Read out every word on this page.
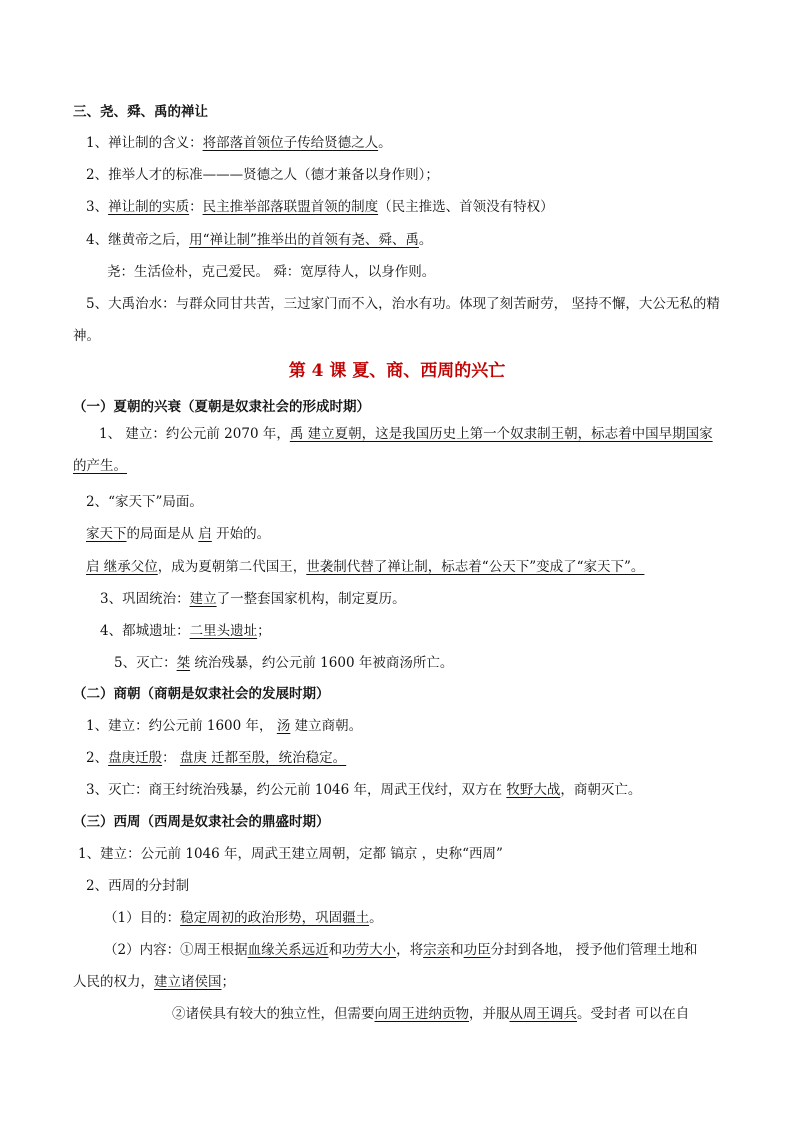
三、尧、舜、禹的禅让
1、禅让制的含义：将部落首领位子传给贤德之人。
2、推举人才的标准———贤德之人（德才兼备以身作则）；
3、禅让制的实质：民主推举部落联盟首领的制度（民主推选、首领没有特权）
4、继黄帝之后，用“禅让制”推举出的首领有尧、舜、禹。
尧：生活俭朴，克己爱民。 舜：宽厚待人，以身作则。
5、大禹治水：与群众同甘共苦，三过家门而不入，治水有功。体现了刻苦耐劳， 坚持不懈，大公无私的精神。
第 4 课 夏、商、西周的兴亡
（一）夏朝的兴衰（夏朝是奴隶社会的形成时期）
1、 建立：约公元前 2070 年，禹 建立夏朝，这是我国历史上第一个奴隶制王朝，标志着中国早期国家的产生。
2、“家天下”局面。
家天下的局面是从 启 开始的。
启 继承父位，成为夏朝第二代国王，世袭制代替了禅让制，标志着“公天下”变成了“家天下”。
3、巩固统治：建立了一整套国家机构，制定夏历。
4、都城遗址：二里头遗址；
5、灭亡：桀 统治残暴，约公元前 1600 年被商汤所亡。
（二）商朝（商朝是奴隶社会的发展时期）
1、建立：约公元前 1600 年， 汤 建立商朝。
2、盘庚迁殷： 盘庚 迁都至殷，统治稳定。
3、灭亡：商王纣统治残暴，约公元前 1046 年，周武王伐纣，双方在 牧野大战，商朝灭亡。
（三）西周（西周是奴隶社会的鼎盛时期）
1、建立：公元前 1046 年，周武王建立周朝，定都 镐京 ，史称“西周”
2、西周的分封制
（1）目的：稳定周初的政治形势，巩固疆土。
（2）内容：①周王根据血缘关系远近和功劳大小，将宗亲和功臣分封到各地， 授予他们管理土地和
人民的权力，建立诸侯国；
②诸侯具有较大的独立性，但需要向周王进纳贡物，并服从周王调兵。受封者 可以在自
